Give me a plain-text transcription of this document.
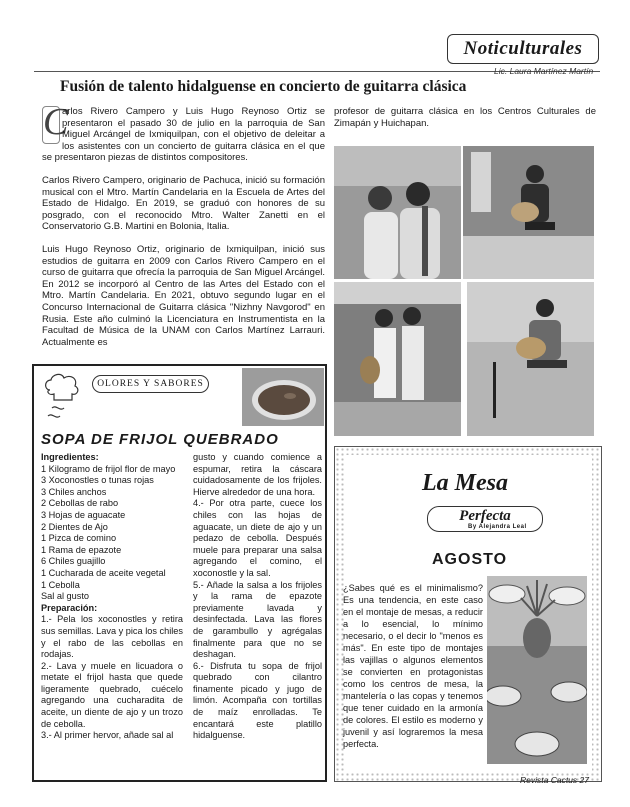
Noticulturales
Lic. Laura Martínez Martín
Fusión de talento hidalguense en concierto de guitarra clásica

C
arlos Rivero Campero y Luis Hugo Reynoso Ortiz se presentaron el pasado 30 de julio en la parroquia de San Miguel Arcángel de Ixmiquilpan, con el objetivo de deleitar a los asistentes con un concierto de guitarra clásica en el que se presentaron piezas de distintos compositores.

Carlos Rivero Campero, originario de Pachuca, inició su formación musical con el Mtro. Martín Candelaria en la Escuela de Artes del Estado de Hidalgo. En 2019, se graduó con honores de su posgrado, con el reconocido Mtro. Walter Zanetti en el Conservatorio G.B. Martini en Bolonia, Italia.

Luis Hugo Reynoso Ortiz, originario de Ixmiquilpan, inició sus estudios de guitarra en 2009 con Carlos Rivero Campero en el curso de guitarra que ofrecía la parroquia de San Miguel Arcángel. En 2012 se incorporó al Centro de las Artes del Estado con el Mtro. Martín Candelaria. En 2021, obtuvo segundo lugar en el Concurso Internacional de Guitarra clásica "Nizhny Navgorod" en Rusia. Este año culminó la Licenciatura en Instrumentista en la Facultad de Música de la UNAM con Carlos Martínez Larrauri. Actualmente es

profesor de guitarra clásica en los Centros Culturales de Zimapán y Huichapan.

OLORES Y SABORES
SOPA DE FRIJOL QUEBRADO
Ingredientes:
1 Kilogramo de frijol flor de mayo
3 Xoconostles o tunas rojas
3 Chiles anchos
2 Cebollas de rabo
3 Hojas de aguacate
2 Dientes de Ajo
1 Pizca de comino
1 Rama de epazote
6 Chiles guajillo
1 Cucharada de aceite vegetal
1 Cebolla
Sal al gusto
Preparación:

1.- Pela los xoconostles y retira sus semillas. Lava y pica los chiles y el rabo de las cebollas en rodajas.

2.- Lava y muele en licuadora o metate el frijol hasta que quede ligeramente quebrado, cuécelo agregando una cucharadita de aceite, un diente de ajo y un trozo de cebolla.

3.- Al primer hervor, añade sal al

gusto y cuando comience a espumar, retira la cáscara cuidadosamente de los frijoles. Hierve alrededor de una hora.

4.- Por otra parte, cuece los chiles con las hojas de aguacate, un diete de ajo y un pedazo de cebolla. Después muele para preparar una salsa agregando el comino, el xoconostle y la sal.

5.- Añade la salsa a los frijoles y la rama de epazote previamente lavada y desinfectada. Lava las flores de garambullo y agrégalas finalmente para que no se deshagan.

6.- Disfruta tu sopa de frijol quebrado con cilantro finamente picado y jugo de limón. Acompaña con tortillas de maíz enrolladas. Te encantará este platillo hidalguense.

La Mesa
Perfecta
By Alejandra Leal
AGOSTO
¿Sabes qué es el minimalismo? Es una tendencia, en este caso en el montaje de mesas, a reducir a lo esencial, lo mínimo necesario, o el decir lo "menos es más". En este tipo de montajes las vajillas o algunos elementos se convierten en protagonistas como los centros de mesa, la mantelería o las copas y tenemos que tener cuidado en la armonía de colores. El estilo es moderno y juvenil y así lograremos la mesa perfecta.
Revista Cactus 27
